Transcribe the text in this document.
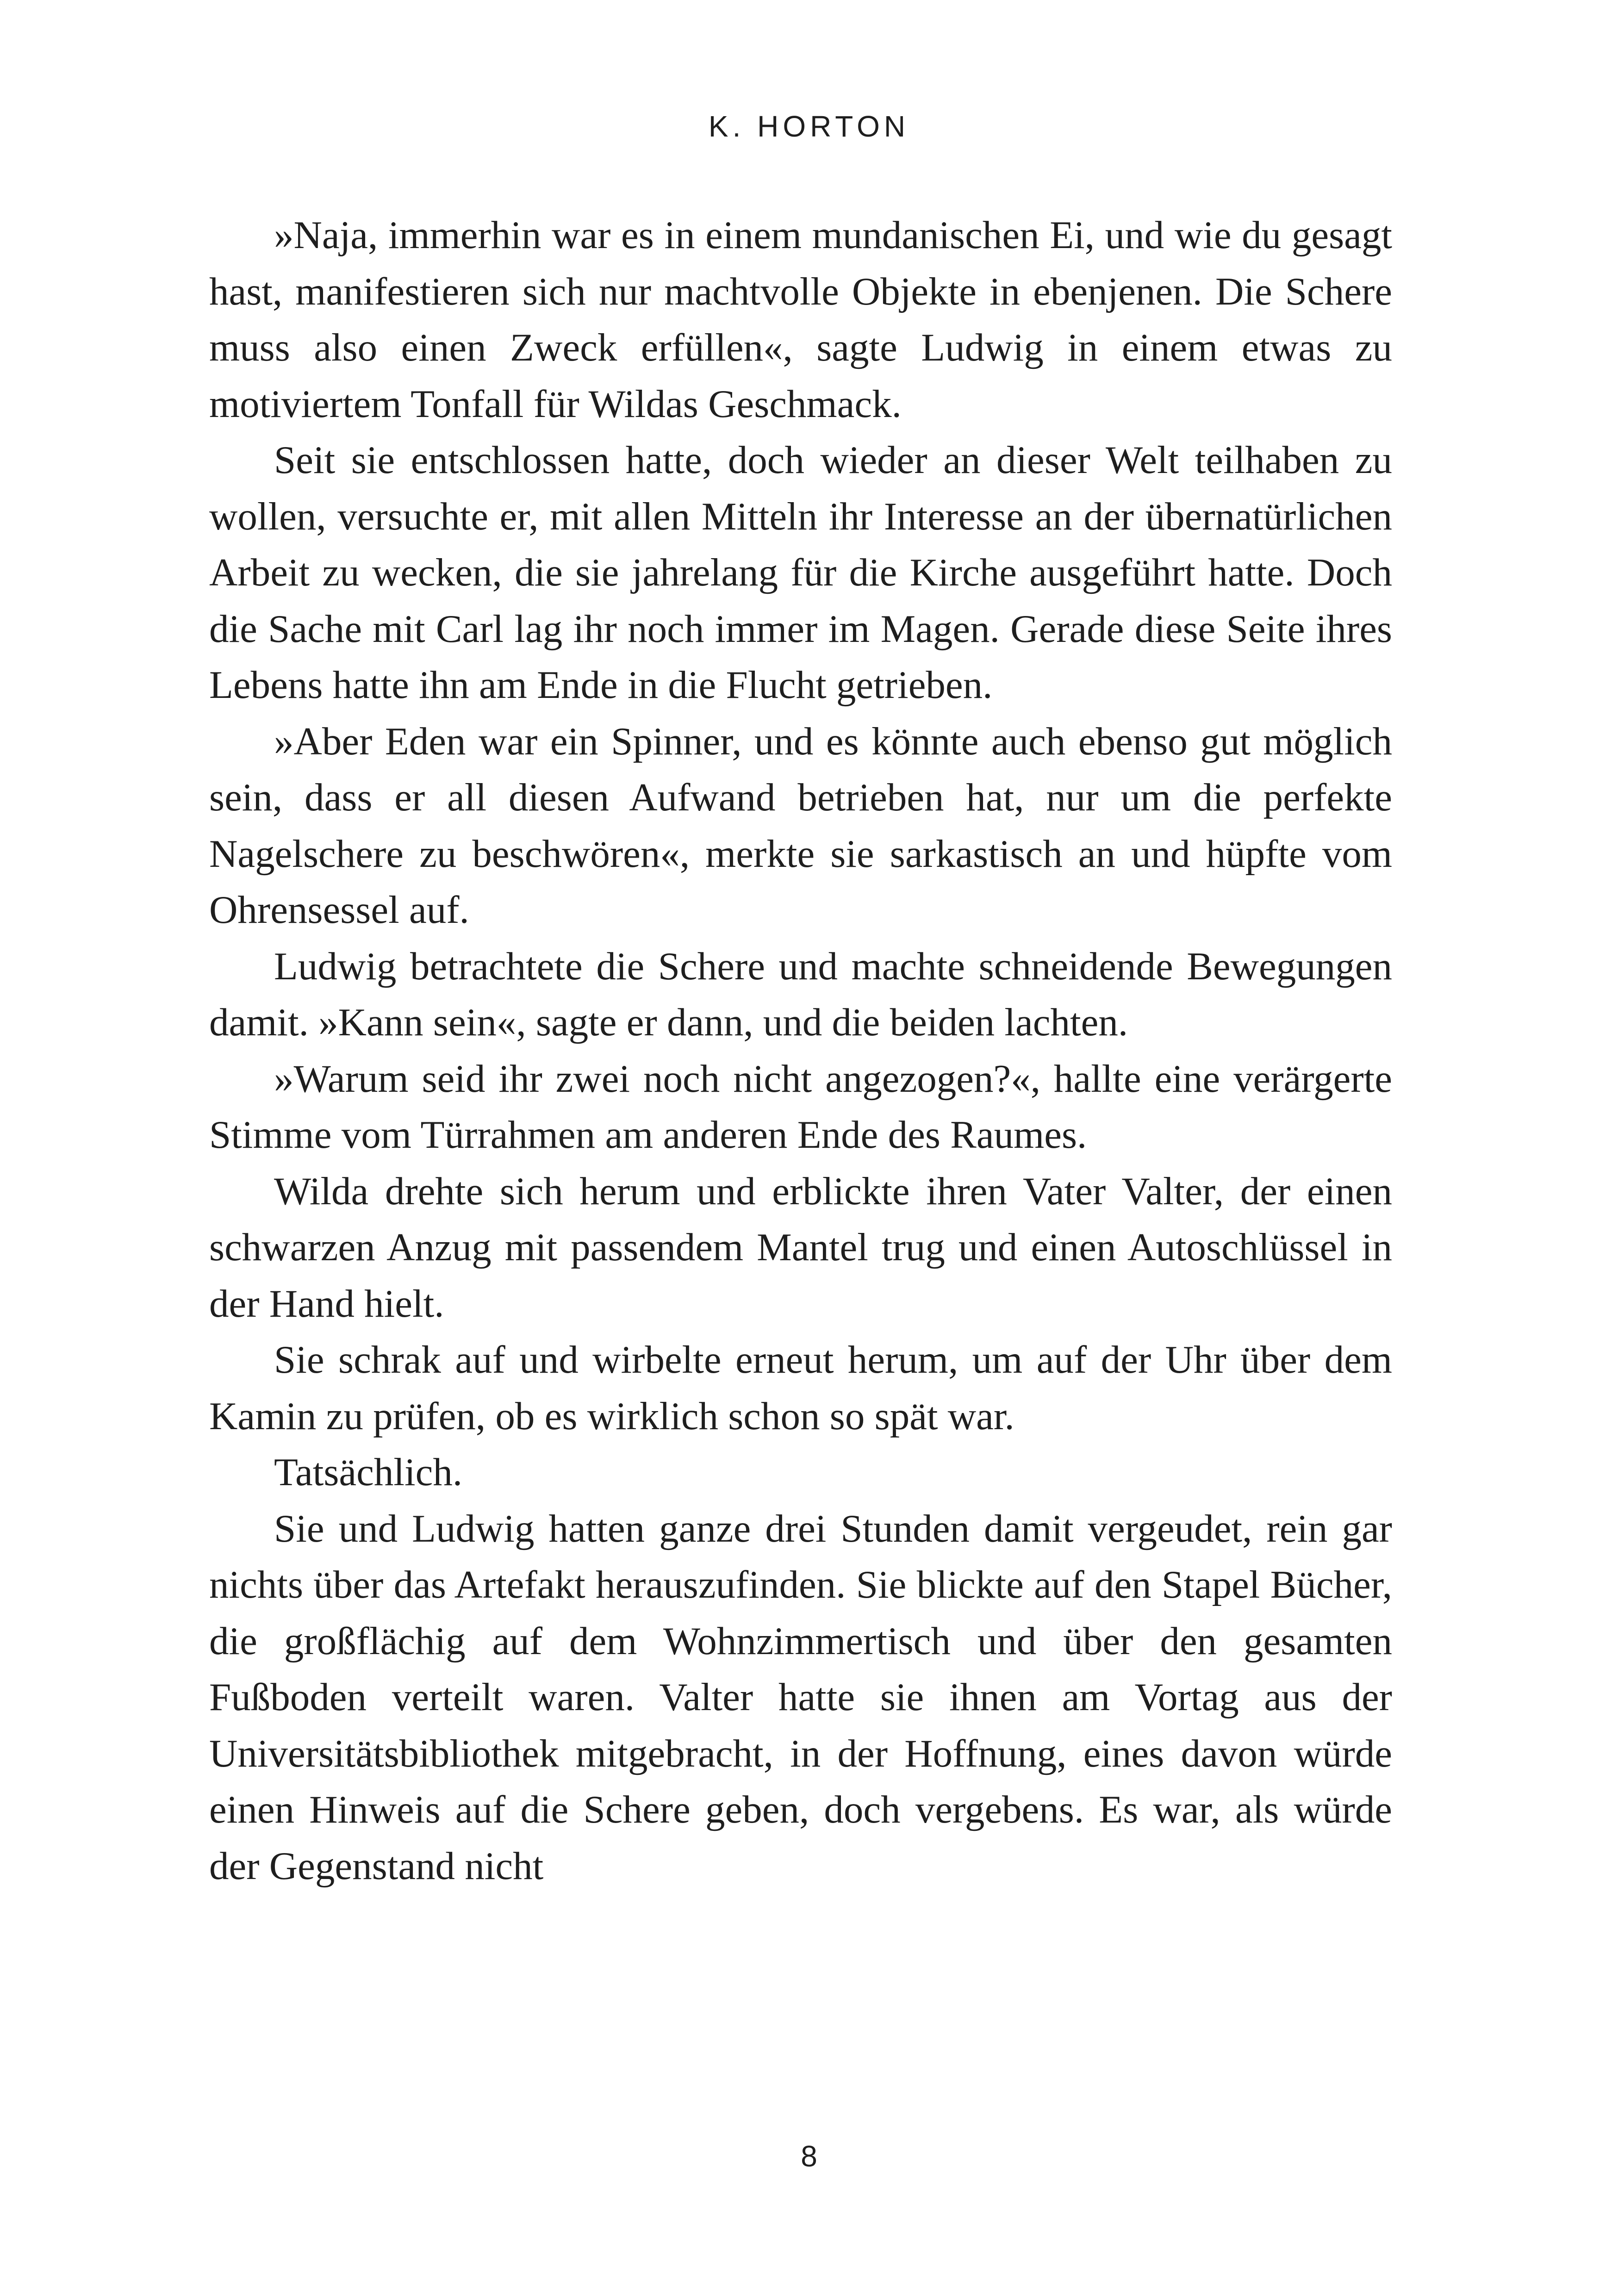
K. HORTON

»Naja, immerhin war es in einem mundanischen Ei, und wie du gesagt hast, manifestieren sich nur machtvolle Objekte in ebenjenen. Die Schere muss also einen Zweck erfüllen«, sagte Ludwig in einem etwas zu motiviertem Tonfall für Wildas Geschmack.

Seit sie entschlossen hatte, doch wieder an dieser Welt teilhaben zu wollen, versuchte er, mit allen Mitteln ihr Interesse an der übernatürlichen Arbeit zu wecken, die sie jahrelang für die Kirche ausgeführt hatte. Doch die Sache mit Carl lag ihr noch immer im Magen. Gerade diese Seite ihres Lebens hatte ihn am Ende in die Flucht getrieben.

»Aber Eden war ein Spinner, und es könnte auch ebenso gut möglich sein, dass er all diesen Aufwand betrieben hat, nur um die perfekte Nagelschere zu beschwören«, merkte sie sarkastisch an und hüpfte vom Ohrensessel auf.

Ludwig betrachtete die Schere und machte schneidende Bewegungen damit. »Kann sein«, sagte er dann, und die beiden lachten.

»Warum seid ihr zwei noch nicht angezogen?«, hallte eine verärgerte Stimme vom Türrahmen am anderen Ende des Raumes.

Wilda drehte sich herum und erblickte ihren Vater Valter, der einen schwarzen Anzug mit passendem Mantel trug und einen Autoschlüssel in der Hand hielt.

Sie schrak auf und wirbelte erneut herum, um auf der Uhr über dem Kamin zu prüfen, ob es wirklich schon so spät war.

Tatsächlich.

Sie und Ludwig hatten ganze drei Stunden damit vergeudet, rein gar nichts über das Artefakt herauszufinden. Sie blickte auf den Stapel Bücher, die großflächig auf dem Wohnzimmertisch und über den gesamten Fußboden verteilt waren. Valter hatte sie ihnen am Vortag aus der Universitätsbibliothek mitgebracht, in der Hoffnung, eines davon würde einen Hinweis auf die Schere geben, doch vergebens. Es war, als würde der Gegenstand nicht

8
